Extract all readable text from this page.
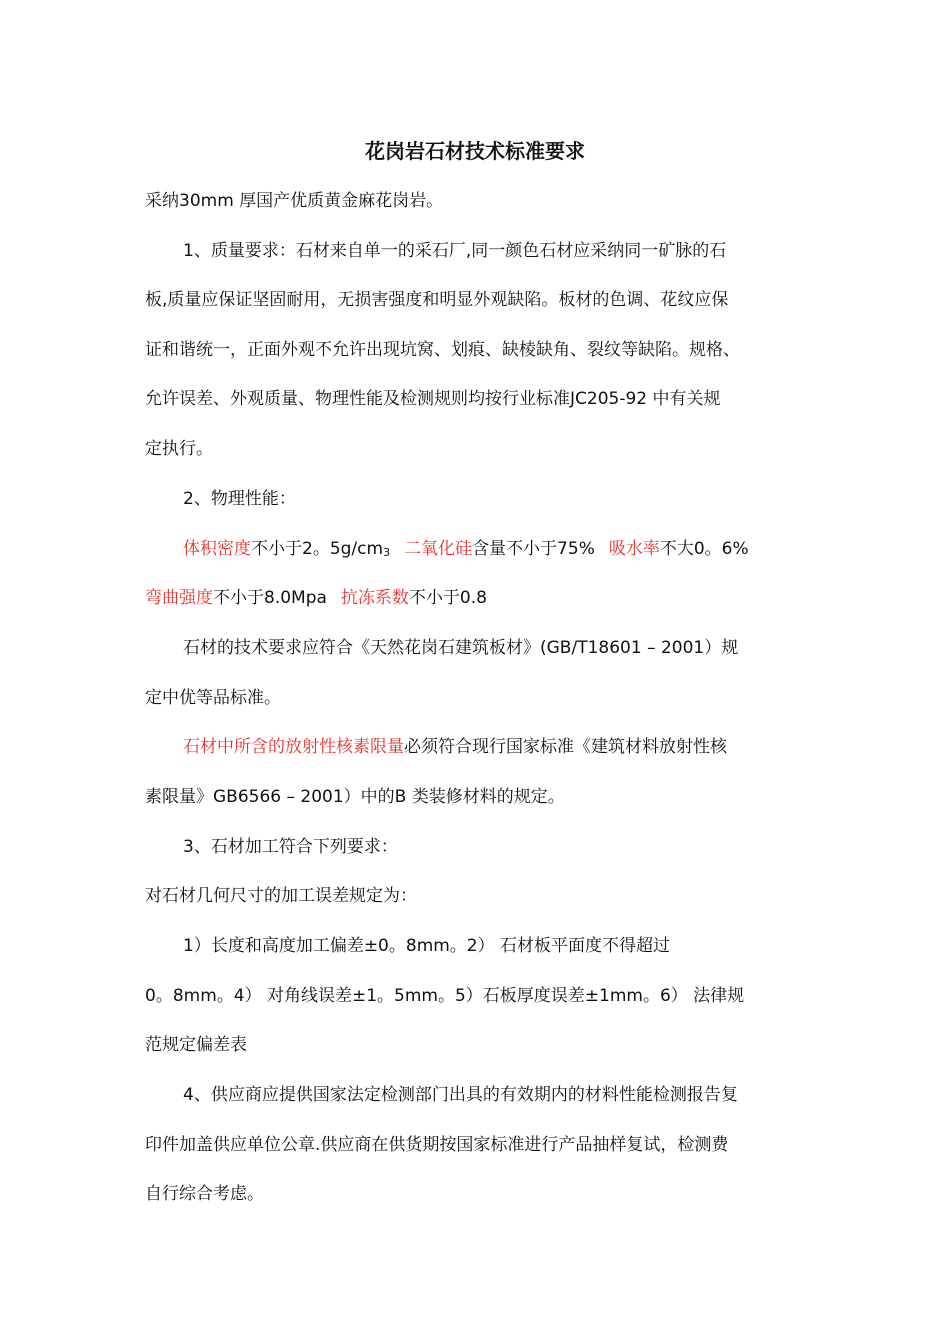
花岗岩石材技术标准要求

采纳30mm 厚国产优质黄金麻花岗岩。

1、质量要求：石材来自单一的采石厂,同一颜色石材应采纳同一矿脉的石

板,质量应保证坚固耐用，无损害强度和明显外观缺陷。板材的色调、花纹应保

证和谐统一，正面外观不允许出现坑窝、划痕、缺棱缺角、裂纹等缺陷。规格、

允许误差、外观质量、物理性能及检测规则均按行业标准JC205-92 中有关规

定执行。

2、物理性能：

体积密度不小于2。5g/cm3 二氧化硅含量不小于75% 吸水率不大0。6%

弯曲强度不小于8.0Mpa 抗冻系数不小于0.8

石材的技术要求应符合《天然花岗石建筑板材》(GB/T18601 – 2001）规

定中优等品标准。

石材中所含的放射性核素限量必须符合现行国家标准《建筑材料放射性核

素限量》GB6566 – 2001）中的B 类装修材料的规定。

3、石材加工符合下列要求：

对石材几何尺寸的加工误差规定为：

1）长度和高度加工偏差±0。8mm。2） 石材板平面度不得超过

0。8mm。4） 对角线误差±1。5mm。5）石板厚度误差±1mm。6） 法律规

范规定偏差表

4、供应商应提供国家法定检测部门出具的有效期内的材料性能检测报告复

印件加盖供应单位公章.供应商在供货期按国家标准进行产品抽样复试，检测费

自行综合考虑。
